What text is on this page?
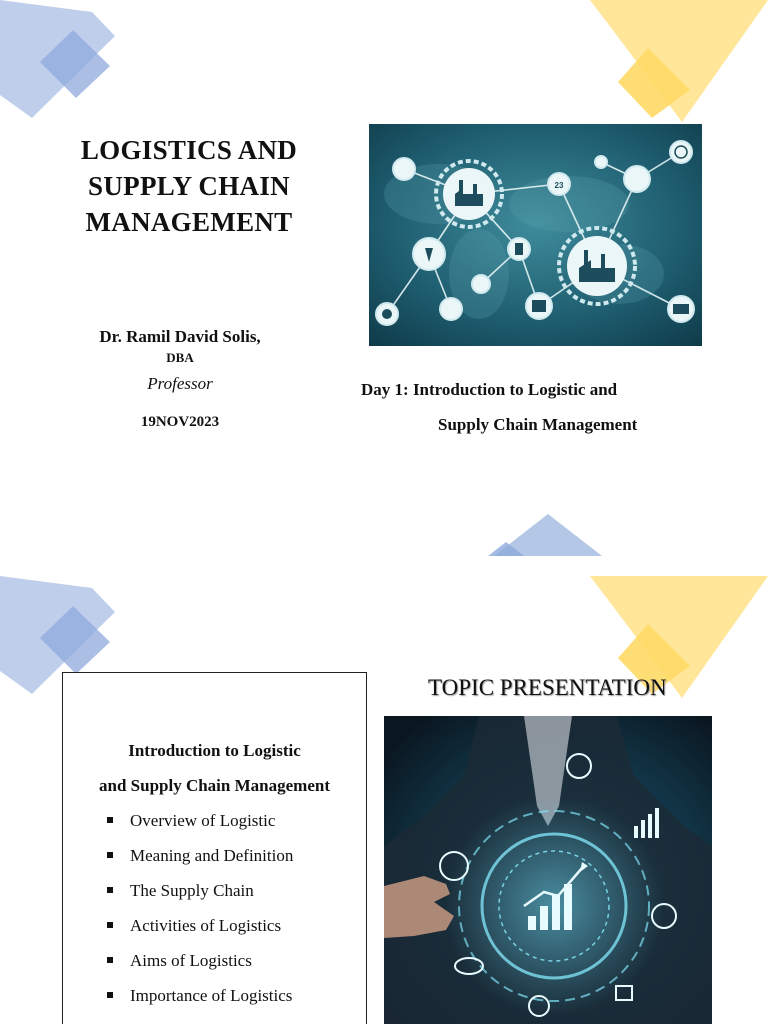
LOGISTICS AND
SUPPLY CHAIN
MANAGEMENT
Dr. Ramil David Solis,
DBA
Professor
19NOV2023
Day 1: Introduction to Logistic and
Supply Chain Management
23
TOPIC PRESENTATION
Introduction to Logistic
and Supply Chain Management
Overview of Logistic
Meaning and Definition
The Supply Chain
Activities of Logistics
Aims of Logistics
Importance of Logistics
